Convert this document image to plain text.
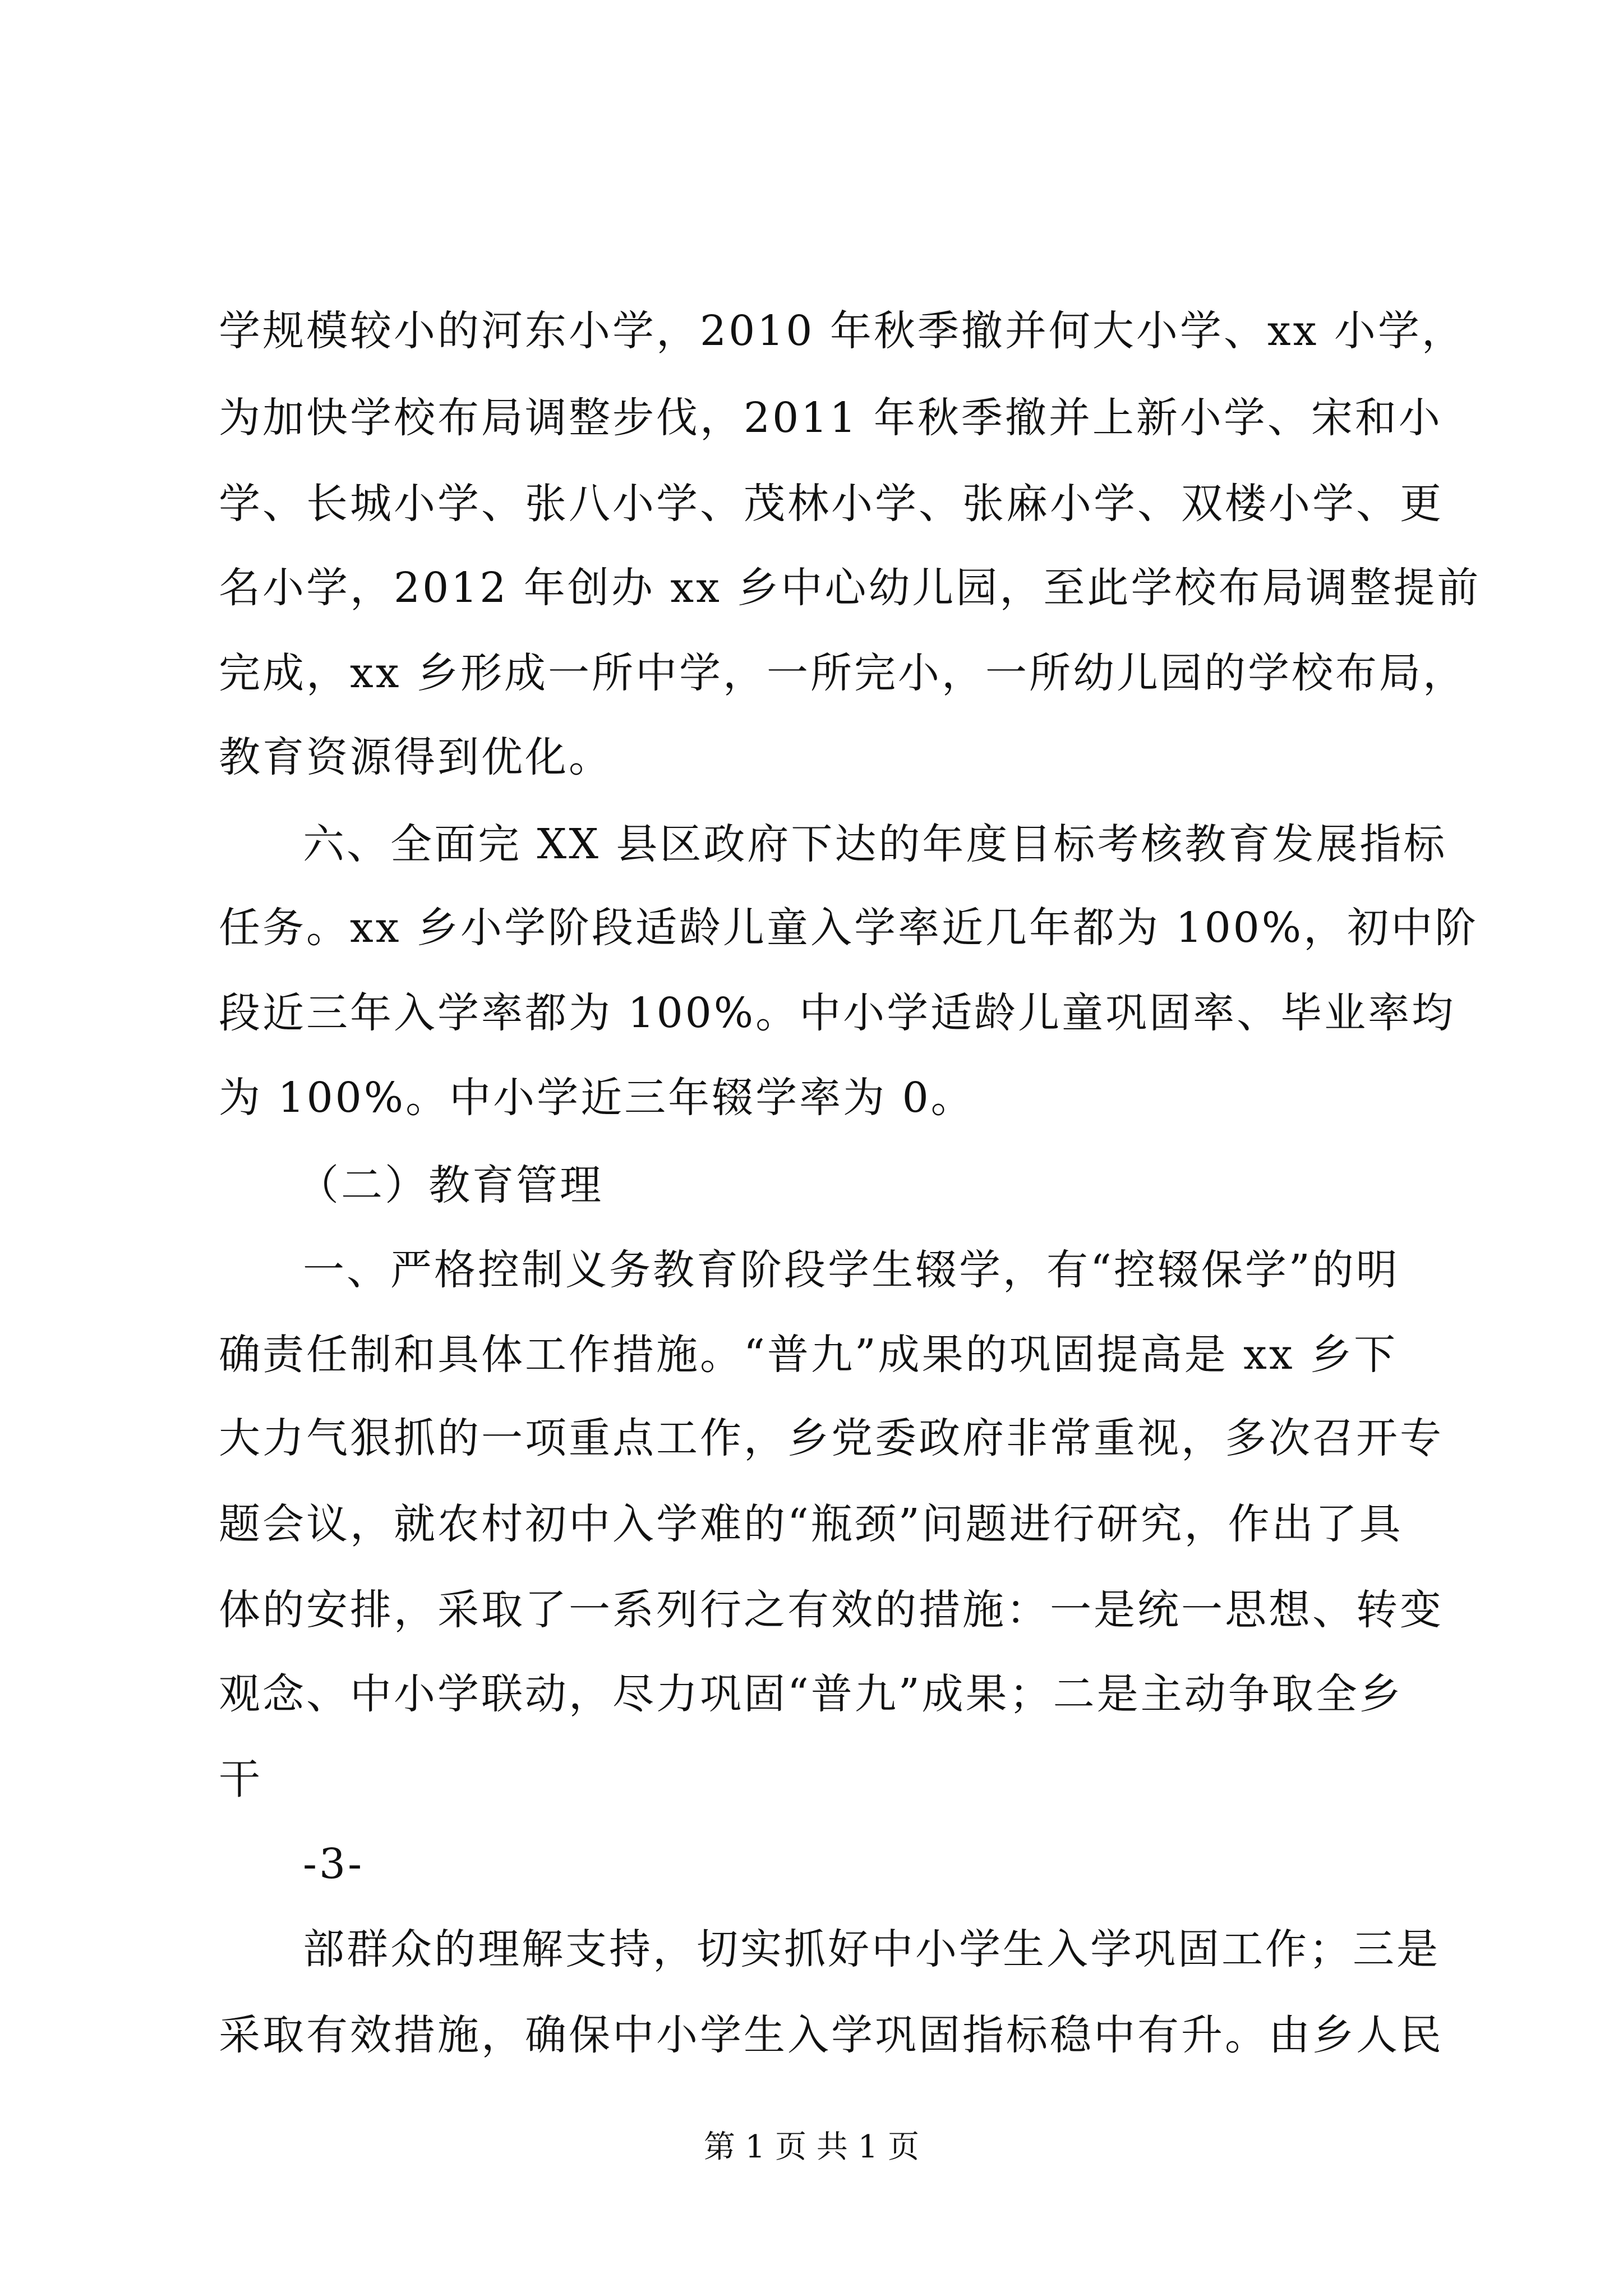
学规模较小的河东小学，2010 年秋季撤并何大小学、xx 小学，
为加快学校布局调整步伐，2011 年秋季撤并上新小学、宋和小
学、长城小学、张八小学、茂林小学、张麻小学、双楼小学、更
名小学，2012 年创办 xx 乡中心幼儿园，至此学校布局调整提前
完成，xx 乡形成一所中学，一所完小，一所幼儿园的学校布局，
教育资源得到优化。
六、全面完 XX 县区政府下达的年度目标考核教育发展指标
任务。xx 乡小学阶段适龄儿童入学率近几年都为 100%，初中阶
段近三年入学率都为 100%。中小学适龄儿童巩固率、毕业率均
为 100%。中小学近三年辍学率为 0。
（二）教育管理
一、严格控制义务教育阶段学生辍学，有“控辍保学”的明
确责任制和具体工作措施。“普九”成果的巩固提高是 xx 乡下
大力气狠抓的一项重点工作，乡党委政府非常重视，多次召开专
题会议，就农村初中入学难的“瓶颈”问题进行研究，作出了具
体的安排，采取了一系列行之有效的措施：一是统一思想、转变
观念、中小学联动，尽力巩固“普九”成果；二是主动争取全乡
干
-3-
部群众的理解支持，切实抓好中小学生入学巩固工作；三是
采取有效措施，确保中小学生入学巩固指标稳中有升。由乡人民
第 1 页 共 1 页
